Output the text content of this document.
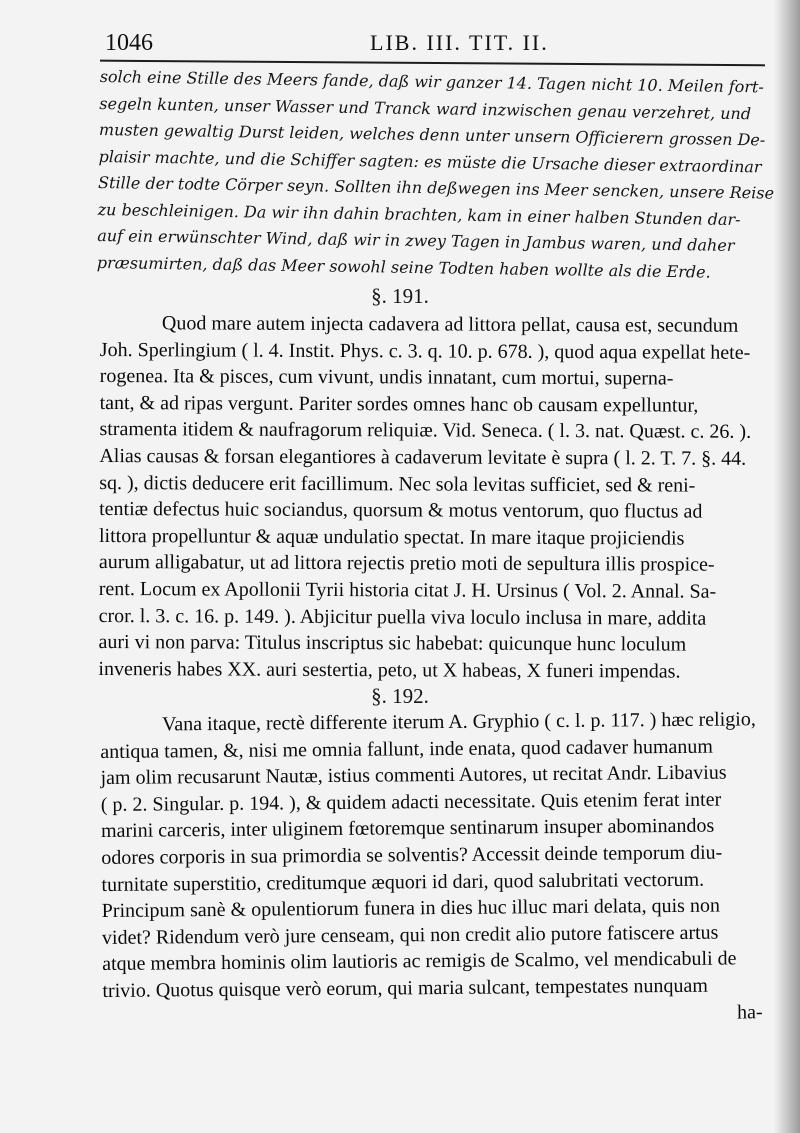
1046	LIB. III. TIT. II.
solch eine Stille des Meers fande, daß wir ganzer 14. Tagen nicht 10. Meilen fort-
segeln kunten, unser Wasser und Tranck ward inzwischen genau verzehret, und
musten gewaltig Durst leiden, welches denn unter unsern Officierern grossen De-
plaisir machte, und die Schiffer sagten: es müste die Ursache dieser extraordinar
Stille der todte Cörper seyn. Sollten ihn deßwegen ins Meer sencken, unsere Reise
zu beschleinigen. Da wir ihn dahin brachten, kam in einer halben Stunden dar-
auf ein erwünschter Wind, daß wir in zwey Tagen in Jambus waren, und daher
præsumirten, daß das Meer sowohl seine Todten haben wollte als die Erde.
§. 191.
Quod mare autem injecta cadavera ad littora pellat, causa est, secundum
Joh. Sperlingium ( l. 4. Instit. Phys. c. 3. q. 10. p. 678. ), quod aqua expellat hete-
rogenea. Ita & pisces, cum vivunt, undis innatant, cum mortui, superna-
tant, & ad ripas vergunt. Pariter sordes omnes hanc ob causam expelluntur,
stramenta itidem & naufragorum reliquiæ. Vid. Seneca. ( l. 3. nat. Quæst. c. 26. ).
Alias causas & forsan elegantiores à cadaverum levitate è supra ( l. 2. T. 7. §. 44.
sq. ), dictis deducere erit facillimum. Nec sola levitas sufficiet, sed & reni-
tentiæ defectus huic sociandus, quorsum & motus ventorum, quo fluctus ad
littora propelluntur & aquæ undulatio spectat. In mare itaque projiciendis
aurum alligabatur, ut ad littora rejectis pretio moti de sepultura illis prospice-
rent. Locum ex Apollonii Tyrii historia citat J. H. Ursinus ( Vol. 2. Annal. Sa-
cror. l. 3. c. 16. p. 149. ). Abjicitur puella viva loculo inclusa in mare, addita
auri vi non parva: Titulus inscriptus sic habebat: quicunque hunc loculum
inveneris habes XX. auri sestertia, peto, ut X habeas, X funeri impendas.
§. 192.
Vana itaque, rectè differente iterum A. Gryphio ( c. l. p. 117. ) hæc religio,
antiqua tamen, &, nisi me omnia fallunt, inde enata, quod cadaver humanum
jam olim recusarunt Nautæ, istius commenti Autores, ut recitat Andr. Libavius
( p. 2. Singular. p. 194. ), & quidem adacti necessitate. Quis etenim ferat inter
marini carceris, inter uliginem fœtoremque sentinarum insuper abominandos
odores corporis in sua primordia se solventis? Accessit deinde temporum diu-
turnitate superstitio, creditumque æquori id dari, quod salubritati vectorum.
Principum sanè & opulentiorum funera in dies huc illuc mari delata, quis non
videt? Ridendum verò jure censeam, qui non credit alio putore fatiscere artus
atque membra hominis olim lautioris ac remigis de Scalmo, vel mendicabuli de
trivio. Quotus quisque verò eorum, qui maria sulcant, tempestates nunquam
ha-
